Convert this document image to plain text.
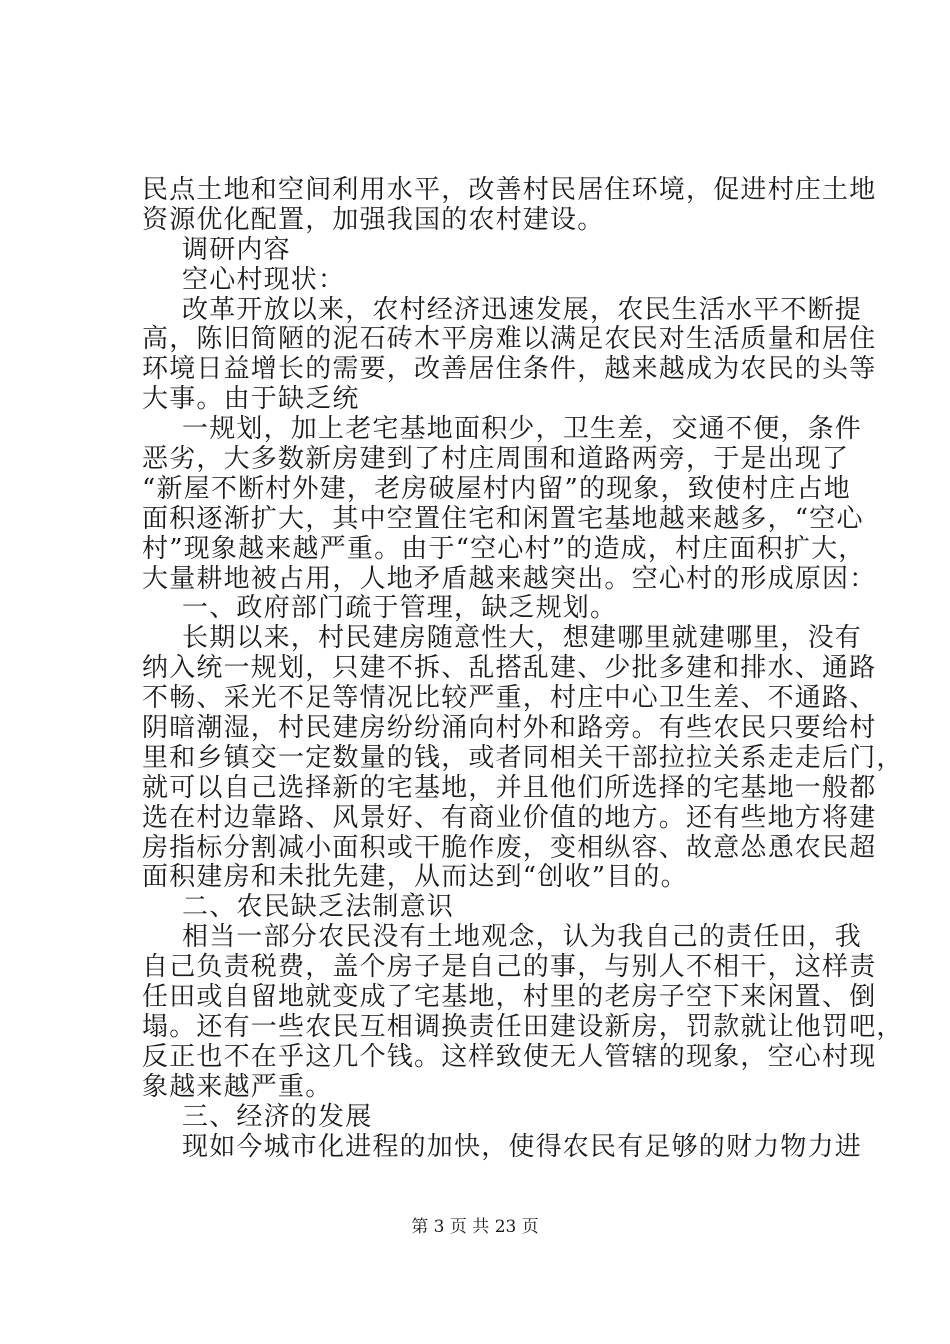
民点土地和空间利用水平，改善村民居住环境，促进村庄土地
资源优化配置，加强我国的农村建设。
调研内容
空心村现状：
改革开放以来，农村经济迅速发展，农民生活水平不断提
高，陈旧简陋的泥石砖木平房难以满足农民对生活质量和居住
环境日益增长的需要，改善居住条件，越来越成为农民的头等
大事。由于缺乏统
一规划，加上老宅基地面积少，卫生差，交通不便，条件
恶劣，大多数新房建到了村庄周围和道路两旁，于是出现了
“新屋不断村外建，老房破屋村内留”的现象，致使村庄占地
面积逐渐扩大，其中空置住宅和闲置宅基地越来越多，“空心
村”现象越来越严重。由于“空心村”的造成，村庄面积扩大，
大量耕地被占用，人地矛盾越来越突出。空心村的形成原因：
一、政府部门疏于管理，缺乏规划。
长期以来，村民建房随意性大，想建哪里就建哪里，没有
纳入统一规划，只建不拆、乱搭乱建、少批多建和排水、通路
不畅、采光不足等情况比较严重，村庄中心卫生差、不通路、
阴暗潮湿，村民建房纷纷涌向村外和路旁。有些农民只要给村
里和乡镇交一定数量的钱，或者同相关干部拉拉关系走走后门，
就可以自己选择新的宅基地，并且他们所选择的宅基地一般都
选在村边靠路、风景好、有商业价值的地方。还有些地方将建
房指标分割减小面积或干脆作废，变相纵容、故意怂恿农民超
面积建房和未批先建，从而达到“创收”目的。
二、农民缺乏法制意识
相当一部分农民没有土地观念，认为我自己的责任田，我
自己负责税费，盖个房子是自己的事，与别人不相干，这样责
任田或自留地就变成了宅基地，村里的老房子空下来闲置、倒
塌。还有一些农民互相调换责任田建设新房，罚款就让他罚吧，
反正也不在乎这几个钱。这样致使无人管辖的现象，空心村现
象越来越严重。
三、经济的发展
现如今城市化进程的加快，使得农民有足够的财力物力进
第 3 页 共 23 页
